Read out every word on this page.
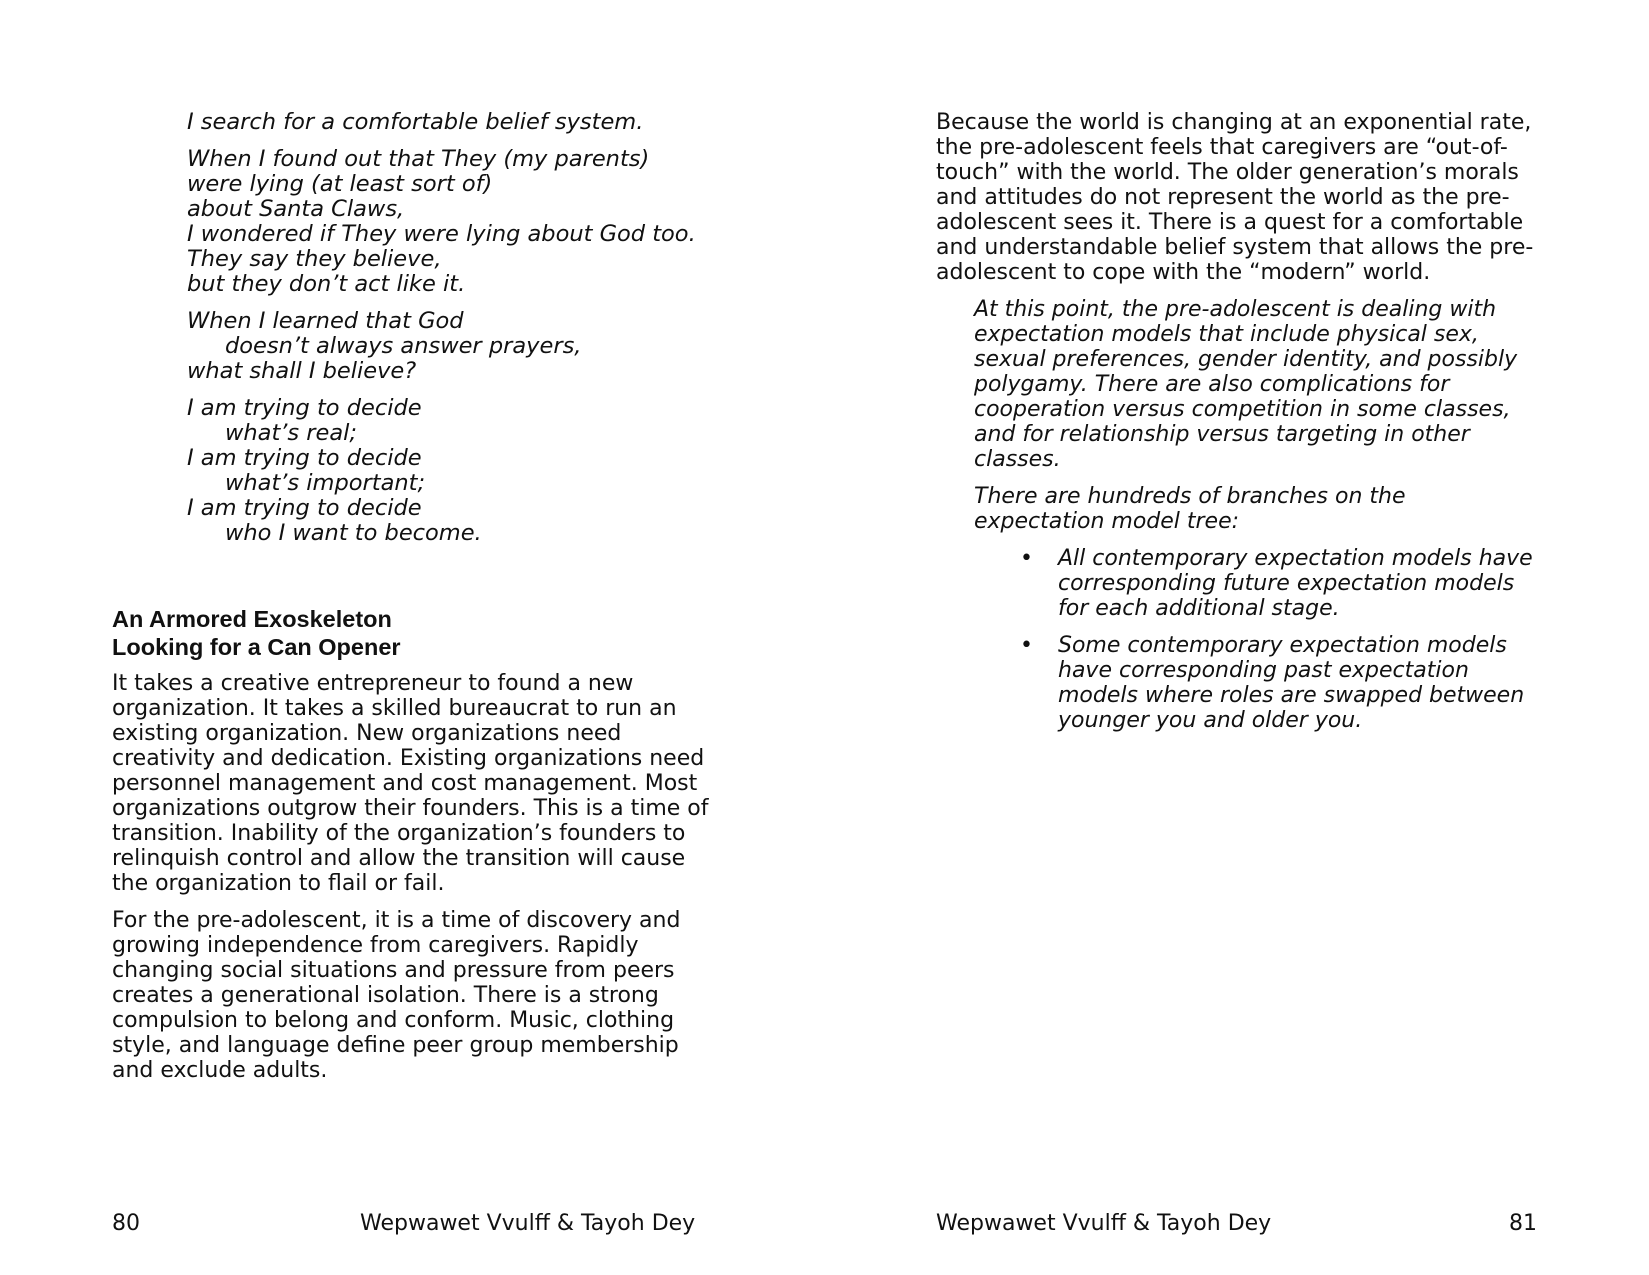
I search for a comfortable belief system.
When I found out that They (my parents)
were lying (at least sort of)
about Santa Claws,
I wondered if They were lying about God too.
They say they believe,
but they don’t act like it.
When I learned that God
doesn’t always answer prayers,
what shall I believe?
I am trying to decide
what’s real;
I am trying to decide
what’s important;
I am trying to decide
who I want to become.
An Armored Exoskeleton
Looking for a Can Opener

It takes a creative entrepreneur to found a new organization. It takes a skilled bureaucrat to run an existing organization. New organizations need creativity and dedication. Existing organizations need personnel management and cost management. Most organizations outgrow their founders. This is a time of transition. Inability of the organization’s founders to relinquish control and allow the transition will cause the organization to flail or fail.

For the pre-adolescent, it is a time of discovery and growing independence from caregivers. Rapidly changing social situations and pressure from peers creates a generational isolation. There is a strong compulsion to belong and conform. Music, clothing style, and language define peer group membership and exclude adults.

80	Wepwawet Vvulff & Tayoh Dey

Because the world is changing at an exponential rate, the pre-adolescent feels that caregivers are “out-of-touch” with the world. The older generation’s morals and attitudes do not represent the world as the pre-adolescent sees it. There is a quest for a comfortable and understandable belief system that allows the pre-adolescent to cope with the “modern” world.

At this point, the pre-adolescent is dealing with expectation models that include physical sex, sexual preferences, gender identity, and possibly polygamy. There are also complications for cooperation versus competition in some classes, and for relationship versus targeting in other classes.

There are hundreds of branches on the expectation model tree:

• All contemporary expectation models have corresponding future expectation models for each additional stage.
• Some contemporary expectation models have corresponding past expectation models where roles are swapped between younger you and older you.
Wepwawet Vvulff & Tayoh Dey	81
